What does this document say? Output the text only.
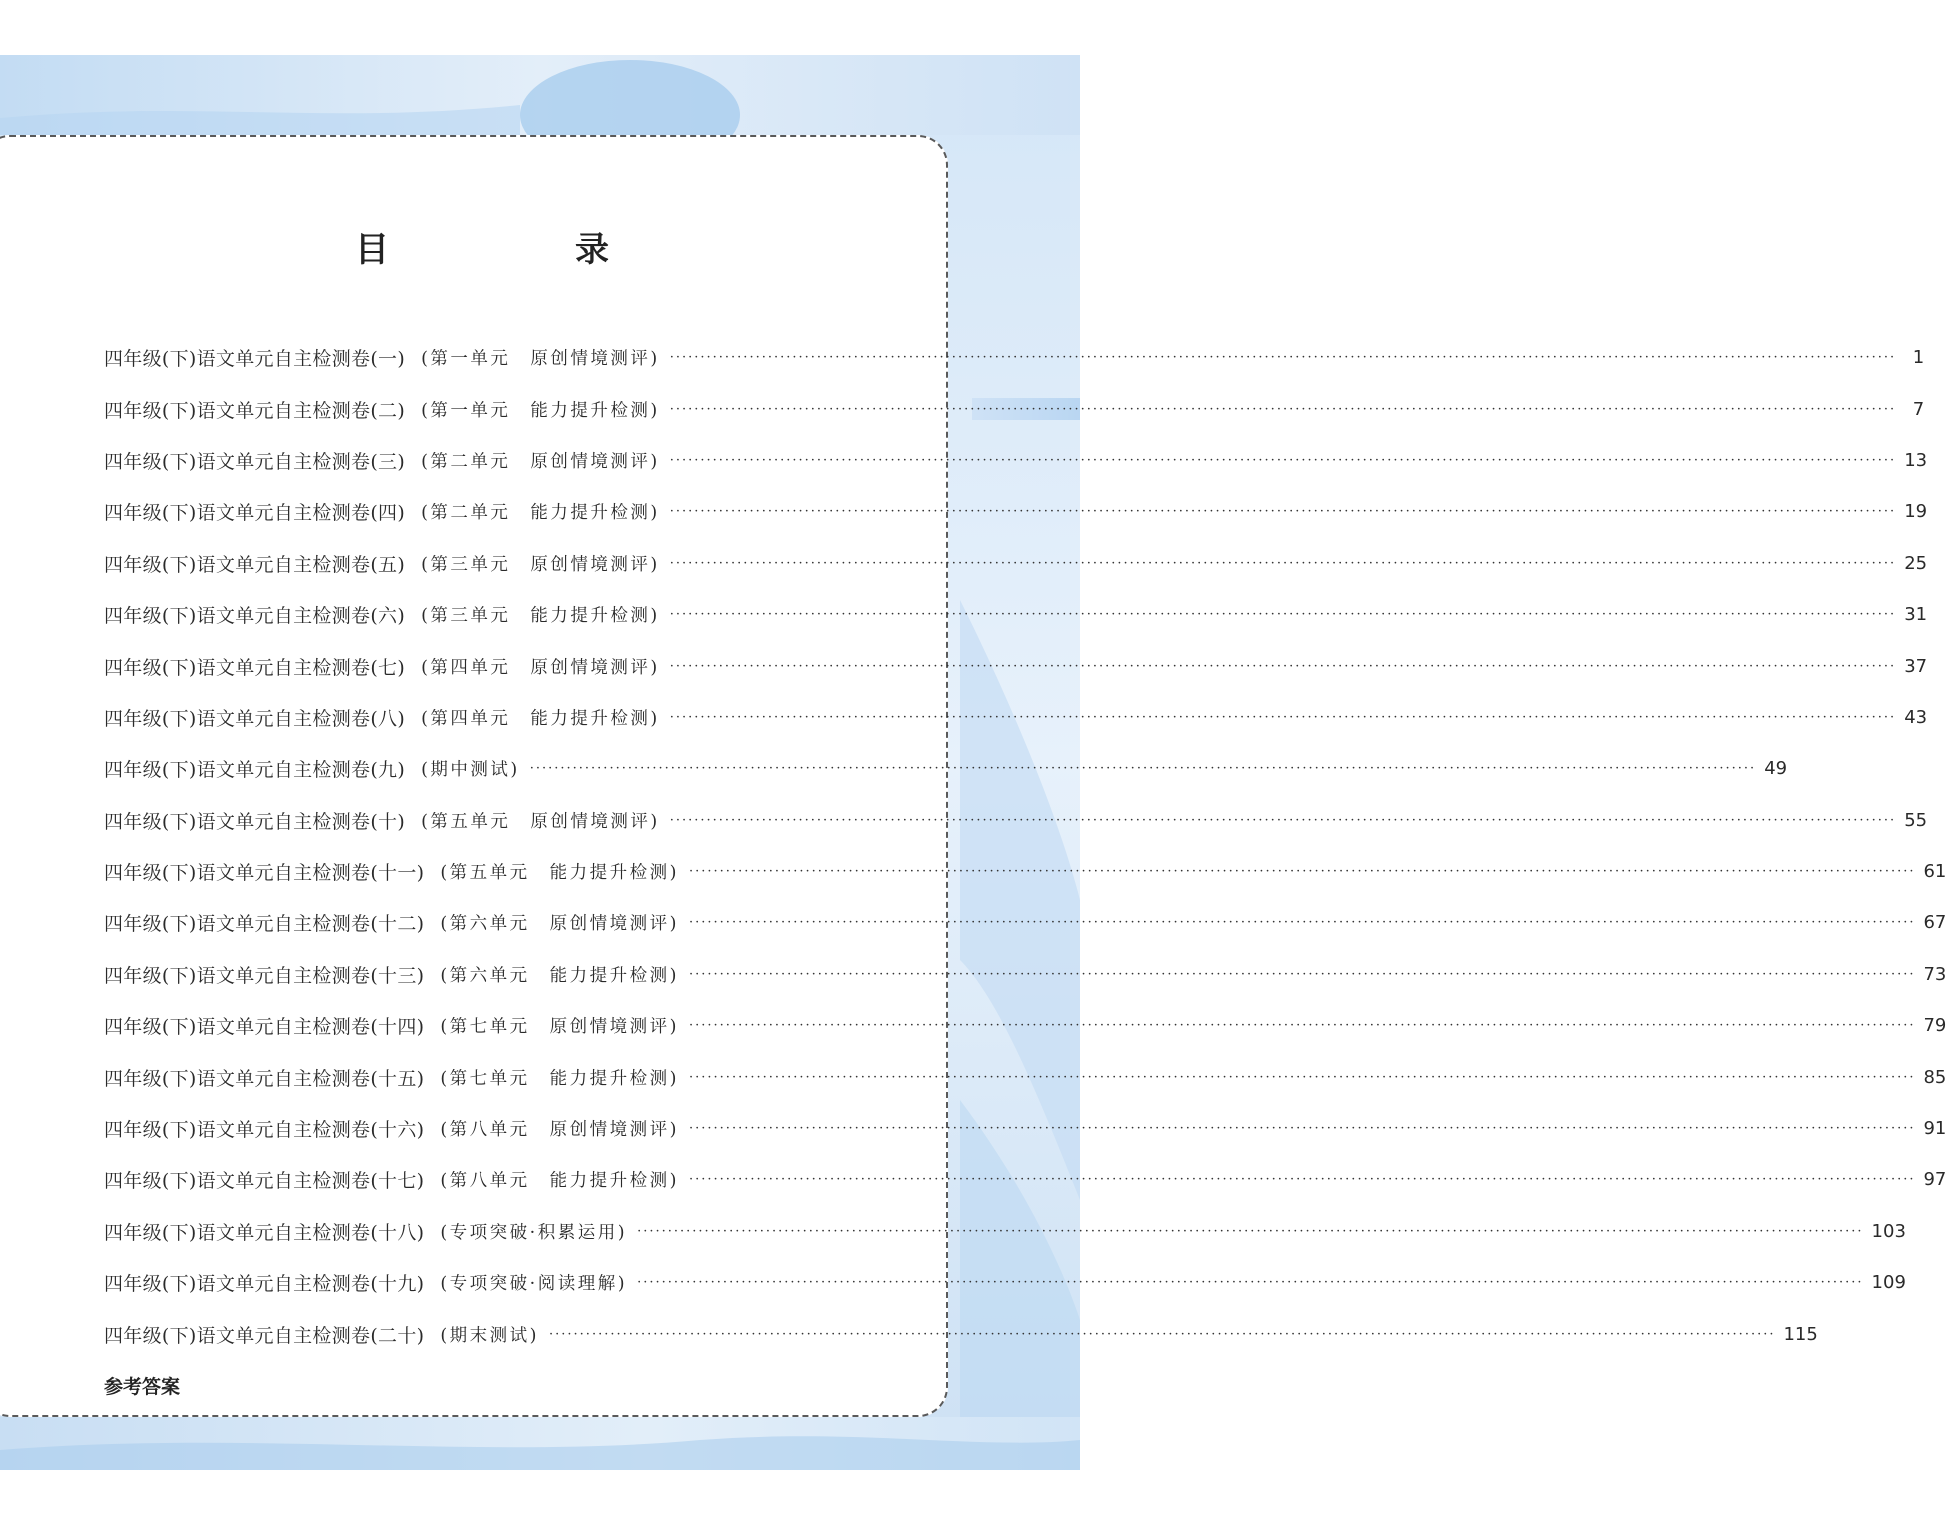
目　录
四年级(下)语文单元自主检测卷(一) (第一单元　原创情境测评) ········································································································································································································ 1
四年级(下)语文单元自主检测卷(二) (第一单元　能力提升检测) ········································································································································································································ 7
四年级(下)语文单元自主检测卷(三) (第二单元　原创情境测评) ········································································································································································································ 13
四年级(下)语文单元自主检测卷(四) (第二单元　能力提升检测) ········································································································································································································ 19
四年级(下)语文单元自主检测卷(五) (第三单元　原创情境测评) ········································································································································································································ 25
四年级(下)语文单元自主检测卷(六) (第三单元　能力提升检测) ········································································································································································································ 31
四年级(下)语文单元自主检测卷(七) (第四单元　原创情境测评) ········································································································································································································ 37
四年级(下)语文单元自主检测卷(八) (第四单元　能力提升检测) ········································································································································································································ 43
四年级(下)语文单元自主检测卷(九) (期中测试) ········································································································································································································ 49
四年级(下)语文单元自主检测卷(十) (第五单元　原创情境测评) ········································································································································································································ 55
四年级(下)语文单元自主检测卷(十一) (第五单元　能力提升检测) ········································································································································································································ 61
四年级(下)语文单元自主检测卷(十二) (第六单元　原创情境测评) ········································································································································································································ 67
四年级(下)语文单元自主检测卷(十三) (第六单元　能力提升检测) ········································································································································································································ 73
四年级(下)语文单元自主检测卷(十四) (第七单元　原创情境测评) ········································································································································································································ 79
四年级(下)语文单元自主检测卷(十五) (第七单元　能力提升检测) ········································································································································································································ 85
四年级(下)语文单元自主检测卷(十六) (第八单元　原创情境测评) ········································································································································································································ 91
四年级(下)语文单元自主检测卷(十七) (第八单元　能力提升检测) ········································································································································································································ 97
四年级(下)语文单元自主检测卷(十八) (专项突破·积累运用) ········································································································································································································ 103
四年级(下)语文单元自主检测卷(十九) (专项突破·阅读理解) ········································································································································································································ 109
四年级(下)语文单元自主检测卷(二十) (期末测试) ········································································································································································································ 115
参考答案
